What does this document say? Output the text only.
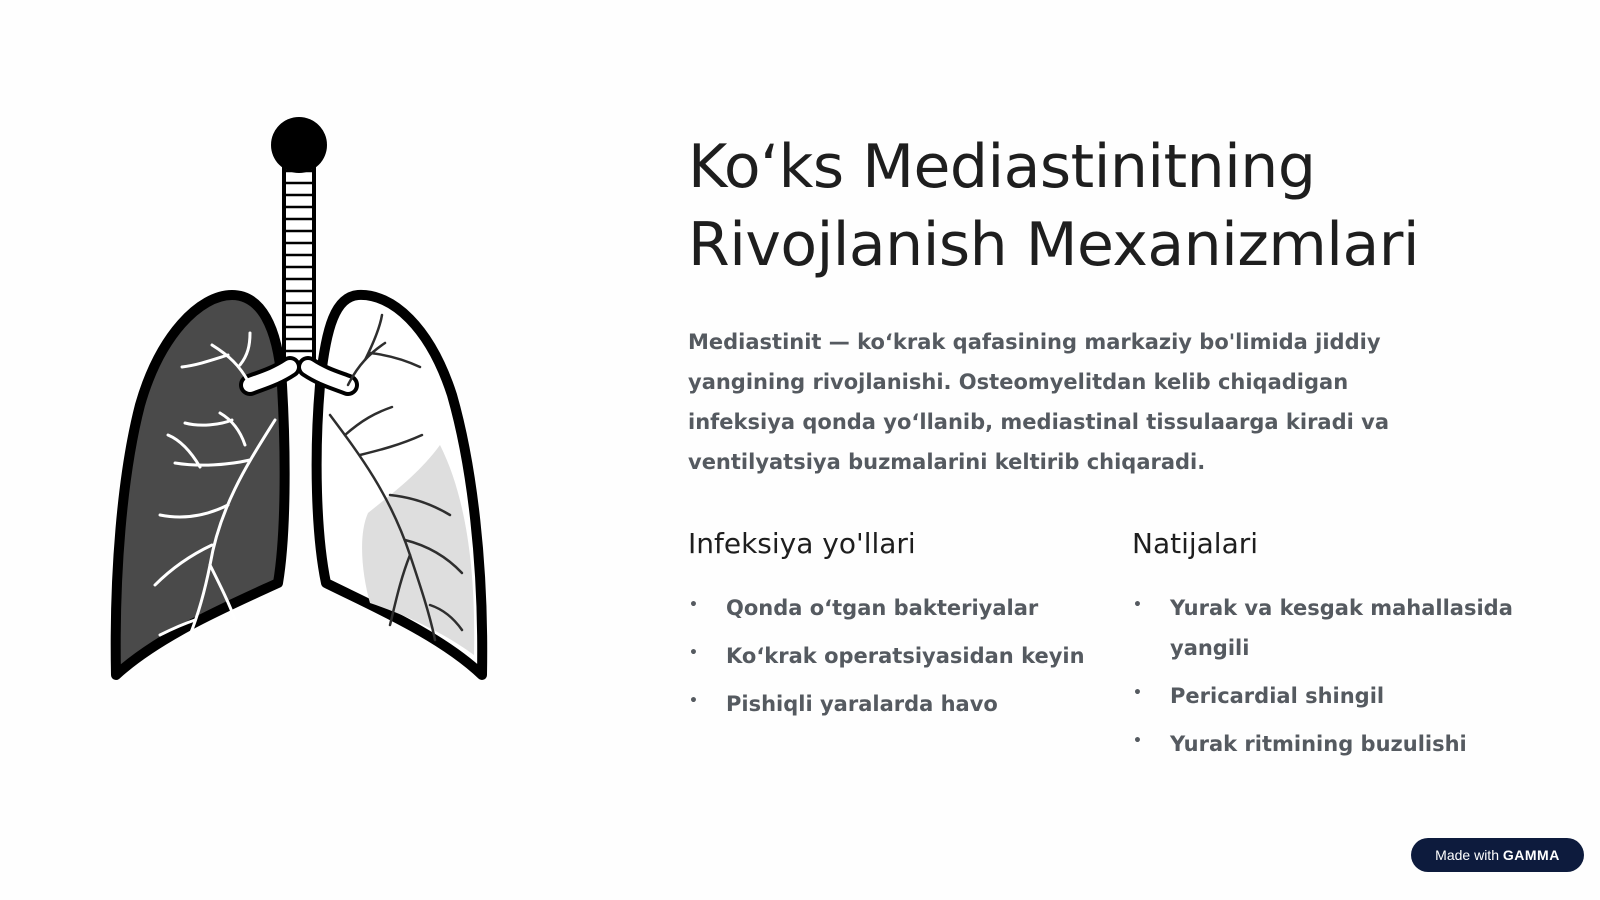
Ko‘ks Mediastinitning
Rivojlanish Mexanizmlari

Mediastinit — ko‘krak qafasining markaziy bo'limida jiddiy yangining rivojlanishi. Osteomyelitdan kelib chiqadigan infeksiya qonda yo‘llanib, mediastinal tissulaarga kiradi va ventilyatsiya buzmalarini keltirib chiqaradi.

Infeksiya yo'llari
• Qonda o‘tgan bakteriyalar
• Ko‘krak operatsiyasidan keyin
• Pishiqli yaralarda havo
Natijalari
• Yurak va kesgak mahallasida yangili
• Pericardial shingil
• Yurak ritmining buzulishi
Made with GAMMA
